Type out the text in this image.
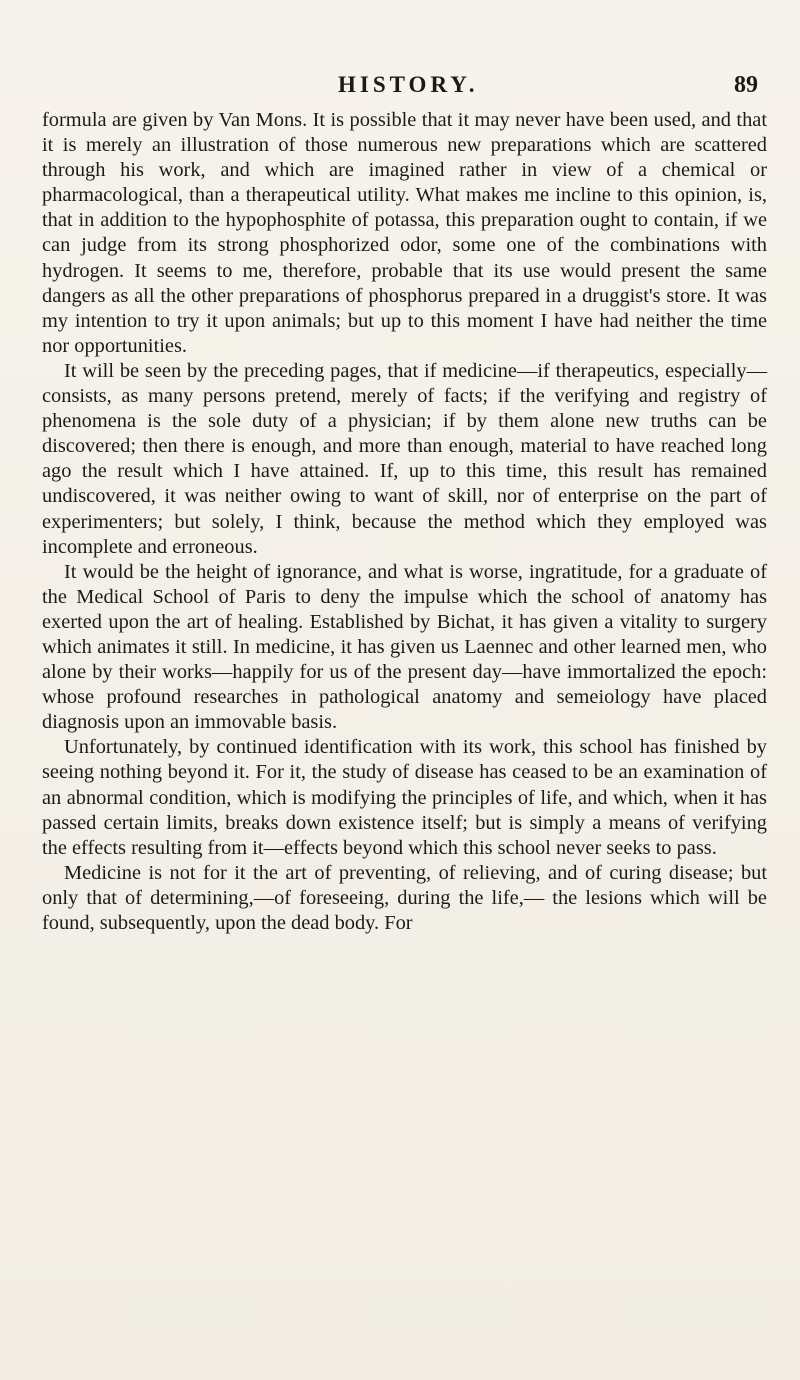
HISTORY.	89

formula are given by Van Mons. It is possible that it may never have been used, and that it is merely an illustration of those numerous new preparations which are scattered through his work, and which are imagined rather in view of a chemical or pharmacological, than a therapeutical utility. What makes me incline to this opinion, is, that in addition to the hypophosphite of potassa, this preparation ought to contain, if we can judge from its strong phosphorized odor, some one of the combinations with hydrogen. It seems to me, therefore, probable that its use would present the same dangers as all the other preparations of phosphorus prepared in a druggist's store. It was my intention to try it upon animals; but up to this moment I have had neither the time nor opportunities.

It will be seen by the preceding pages, that if medicine—if therapeutics, especially—consists, as many persons pretend, merely of facts; if the verifying and registry of phenomena is the sole duty of a physician; if by them alone new truths can be discovered; then there is enough, and more than enough, material to have reached long ago the result which I have attained. If, up to this time, this result has remained undiscovered, it was neither owing to want of skill, nor of enterprise on the part of experimenters; but solely, I think, because the method which they employed was incomplete and erroneous.

It would be the height of ignorance, and what is worse, ingratitude, for a graduate of the Medical School of Paris to deny the impulse which the school of anatomy has exerted upon the art of healing. Established by Bichat, it has given a vitality to surgery which animates it still. In medicine, it has given us Laennec and other learned men, who alone by their works—happily for us of the present day—have immortalized the epoch: whose profound researches in pathological anatomy and semeiology have placed diagnosis upon an immovable basis.

Unfortunately, by continued identification with its work, this school has finished by seeing nothing beyond it. For it, the study of disease has ceased to be an examination of an abnormal condition, which is modifying the principles of life, and which, when it has passed certain limits, breaks down existence itself; but is simply a means of verifying the effects resulting from it—effects beyond which this school never seeks to pass.

Medicine is not for it the art of preventing, of relieving, and of curing disease; but only that of determining,—of foreseeing, during the life,— the lesions which will be found, subsequently, upon the dead body. For
